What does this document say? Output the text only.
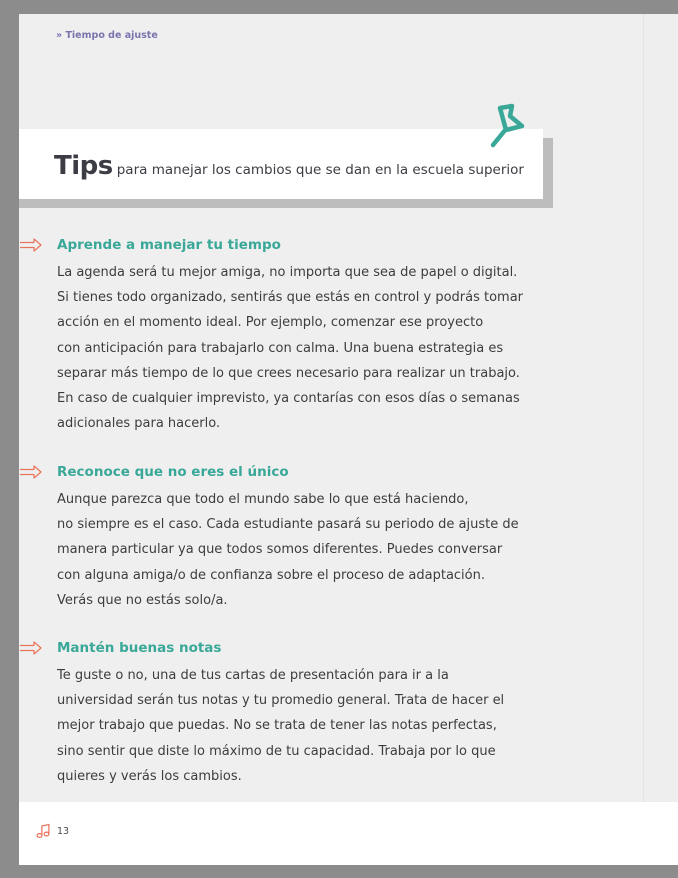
» Tiempo de ajuste
Tips para manejar los cambios que se dan en la escuela superior
Aprende a manejar tu tiempo
La agenda será tu mejor amiga, no importa que sea de papel o digital.
Si tienes todo organizado, sentirás que estás en control y podrás tomar
acción en el momento ideal. Por ejemplo, comenzar ese proyecto
con anticipación para trabajarlo con calma. Una buena estrategia es
separar más tiempo de lo que crees necesario para realizar un trabajo.
En caso de cualquier imprevisto, ya contarías con esos días o semanas
adicionales para hacerlo.
Reconoce que no eres el único
Aunque parezca que todo el mundo sabe lo que está haciendo,
no siempre es el caso. Cada estudiante pasará su periodo de ajuste de
manera particular ya que todos somos diferentes. Puedes conversar
con alguna amiga/o de confianza sobre el proceso de adaptación.
Verás que no estás solo/a.
Mantén buenas notas
Te guste o no, una de tus cartas de presentación para ir a la
universidad serán tus notas y tu promedio general. Trata de hacer el
mejor trabajo que puedas. No se trata de tener las notas perfectas,
sino sentir que diste lo máximo de tu capacidad. Trabaja por lo que
quieres y verás los cambios.
13
